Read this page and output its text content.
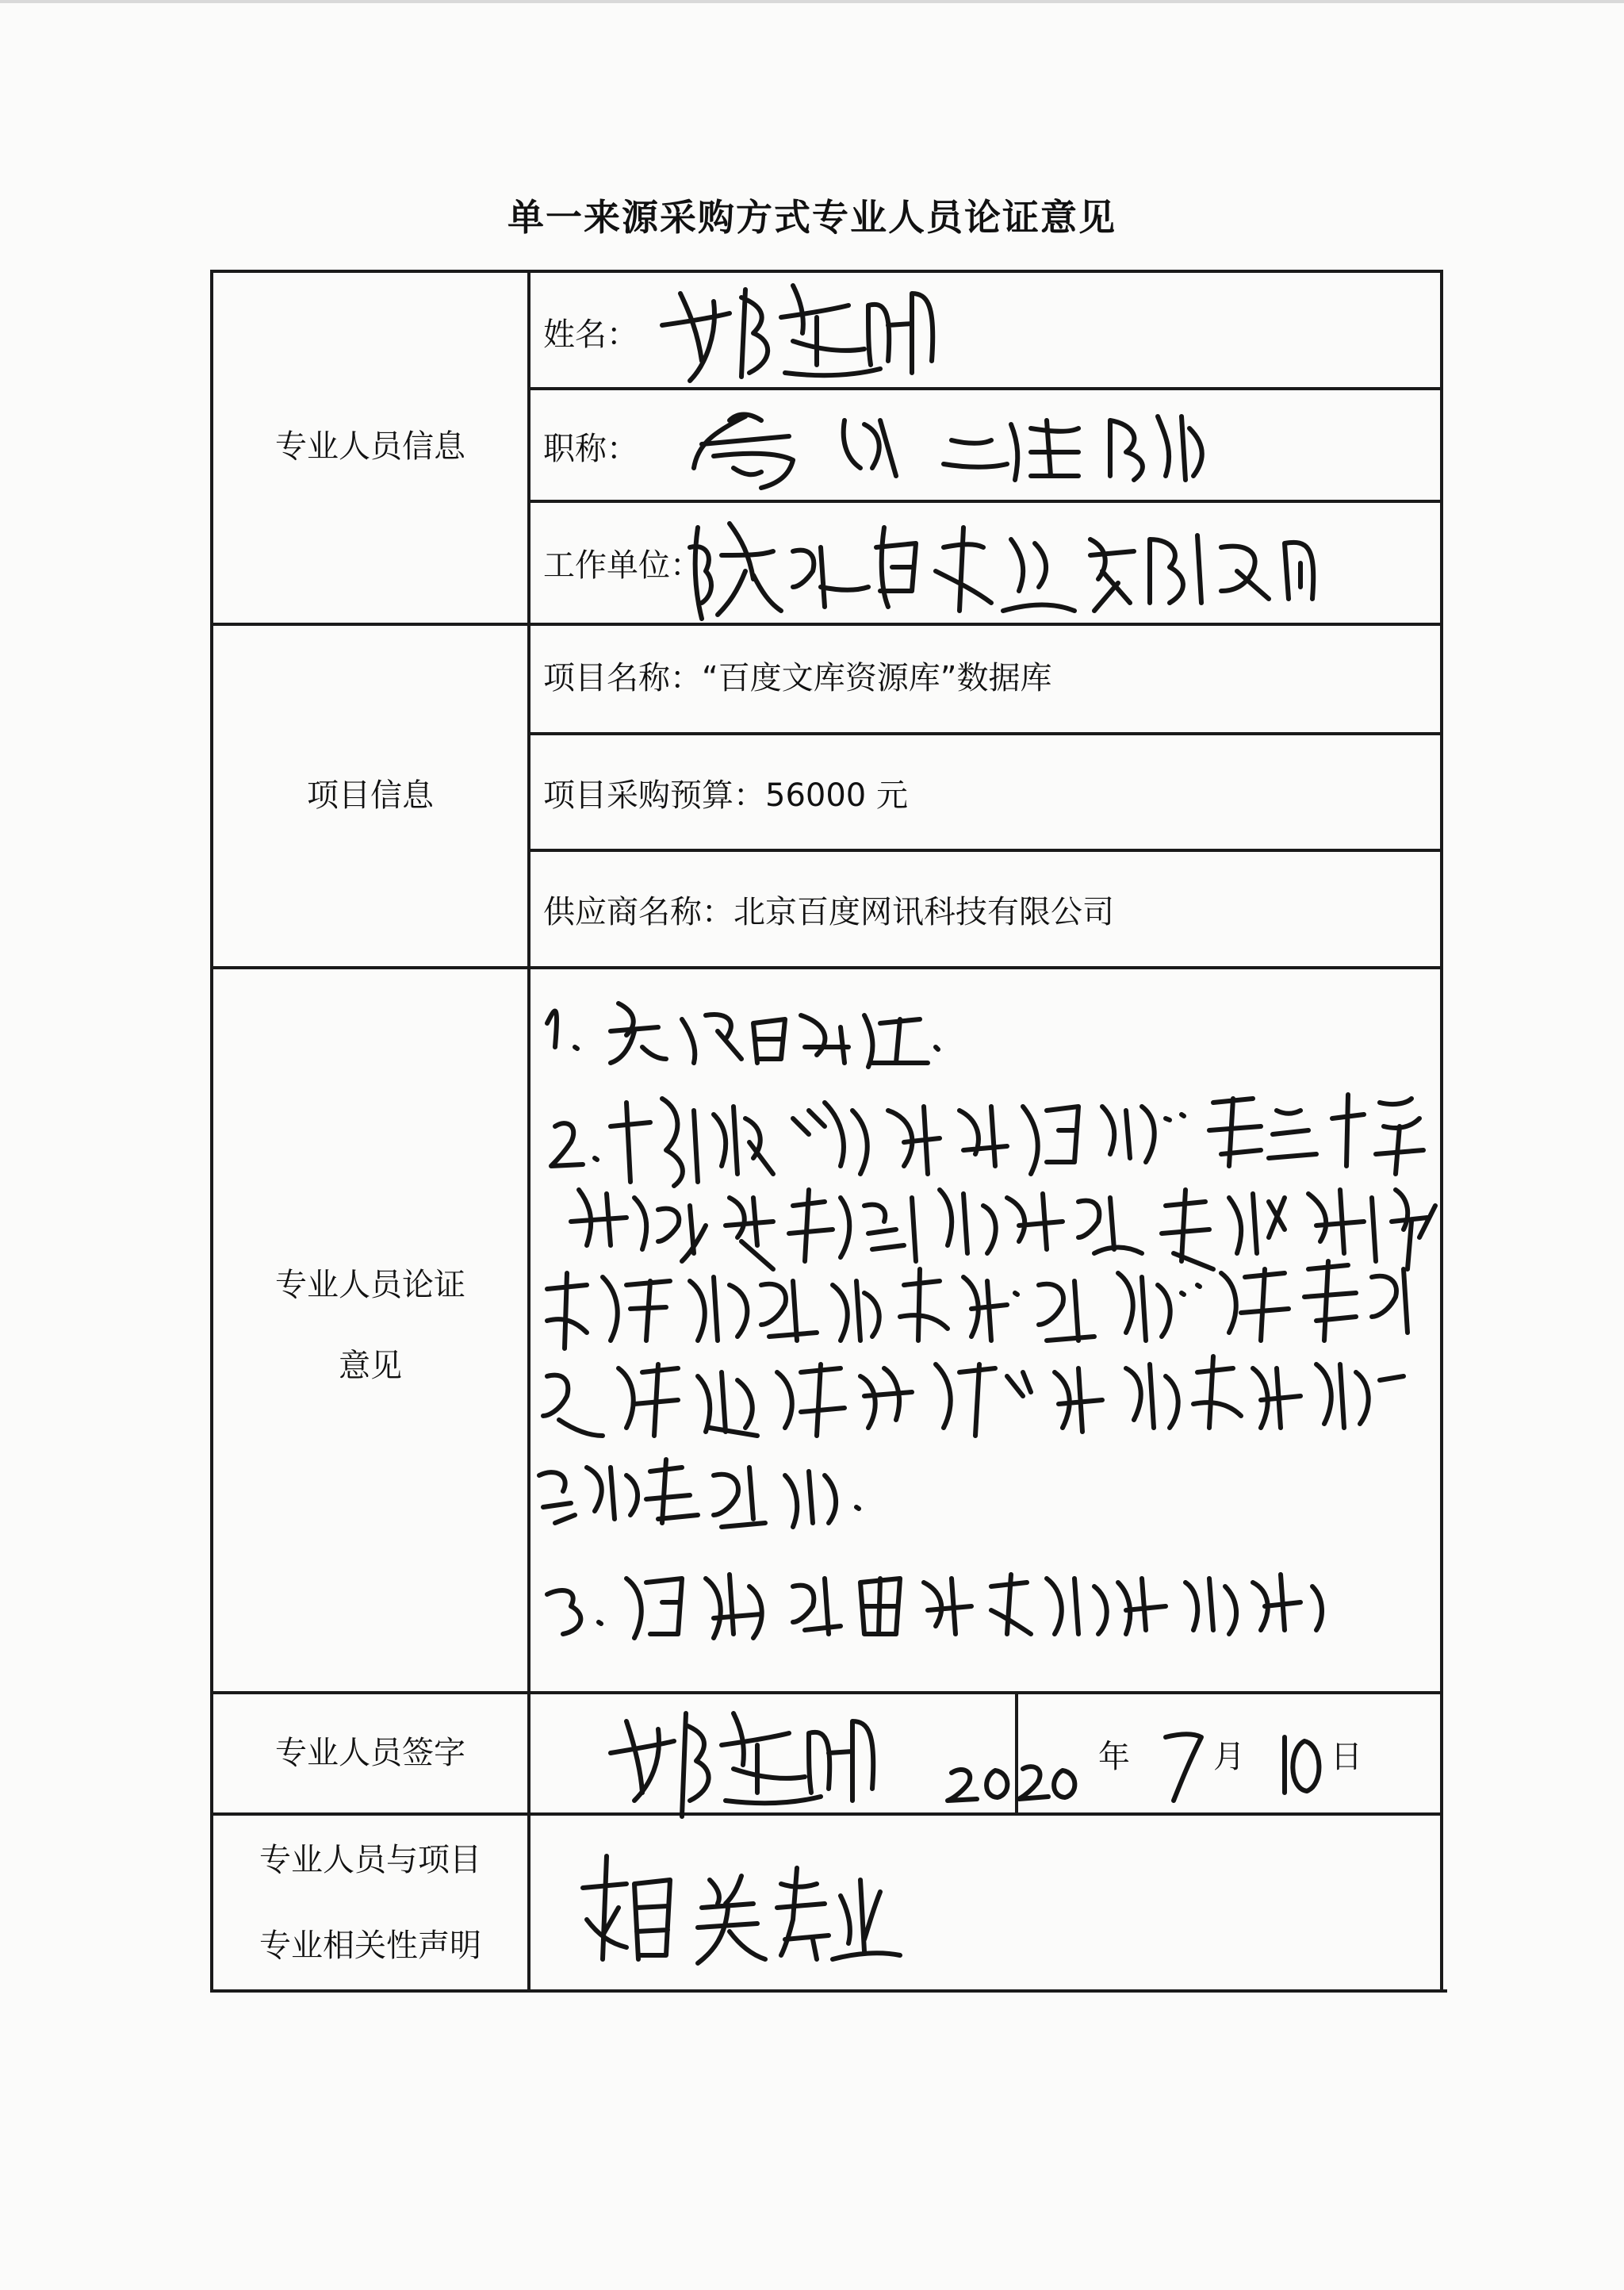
单一来源采购方式专业人员论证意见
专业人员信息
项目信息
专业人员论证
意见
专业人员签字
专业人员与项目
专业相关性声明
姓名：
职称：
工作单位：
项目名称：“百度文库资源库”数据库
项目采购预算：56000 元
供应商名称：北京百度网讯科技有限公司
年	月	日
